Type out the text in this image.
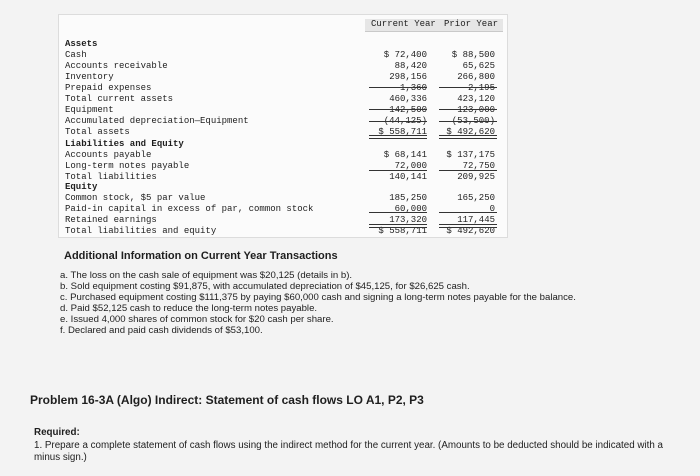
Current Year Prior Year
Assets
Cash	$ 72,400	$ 88,500
Accounts receivable	88,420	65,625
Inventory	298,156	266,800
Prepaid expenses	1,360	2,195
Total current assets	460,336	423,120
Equipment	142,500	123,000
Accumulated depreciation—Equipment	(44,125)	(53,500)
Total assets	$ 558,711	$ 492,620
Liabilities and Equity
Accounts payable	$ 68,141	$ 137,175
Long-term notes payable	72,000	72,750
Total liabilities	140,141	209,925
Equity
Common stock, $5 par value	185,250	165,250
Paid-in capital in excess of par, common stock	60,000	0
Retained earnings	173,320	117,445
Total liabilities and equity	$ 558,711	$ 492,620
Additional Information on Current Year Transactions
a. The loss on the cash sale of equipment was $20,125 (details in b).
b. Sold equipment costing $91,875, with accumulated depreciation of $45,125, for $26,625 cash.
c. Purchased equipment costing $111,375 by paying $60,000 cash and signing a long-term notes payable for the balance.
d. Paid $52,125 cash to reduce the long-term notes payable.
e. Issued 4,000 shares of common stock for $20 cash per share.
f. Declared and paid cash dividends of $53,100.
Problem 16-3A (Algo) Indirect: Statement of cash flows LO A1, P2, P3
Required:
1. Prepare a complete statement of cash flows using the indirect method for the current year. (Amounts to be deducted should be indicated with a minus sign.)
